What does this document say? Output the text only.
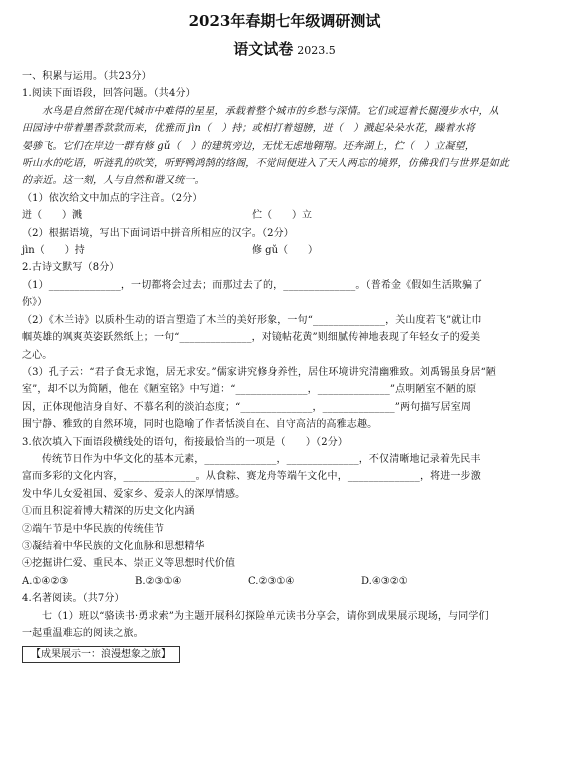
2023年春期七年级调研测试
语文试卷 2023.5
一、积累与运用。（共23分）
1.阅读下面语段，回答问题。（共4分）
水鸟是自然留在现代城市中难得的星星，承载着整个城市的乡愁与深情。它们或逗着长腿漫步水中，从
田园诗中带着墨香款款而来，优雅而 jìn（　）持；或相打着翅膀，迸（　）溅起朵朵水花，躁着水将
晏骖飞。它们在岸边一群有修 gǔ（　）的建筑旁边，无忧无虑地翱翔。还奔湖上，伫（　）立凝望，
听山水的吃语，听涟乳的吹笑，听野鸭鸿鹄的络阁，不觉间便进入了天人两忘的境界，仿佛我们与世界是如此
的亲近。这一刻，人与自然和谐又统一。
（1）依次给文中加点的字注音。（2分）
迸（　　）溅	伫（　　）立
（2）根据语境，写出下面词语中拼音所相应的汉字。（2分）
jìn（　　）持	修 gǔ（　　）
2.古诗文默写（8分）
（1）______________，一切都将会过去；而那过去了的，______________。（普希金《假如生活欺骗了
你》）
（2）《木兰诗》以质朴生动的语言塑造了木兰的美好形象，一句“______________，关山度若飞”就让巾
帼英雄的飒爽英姿跃然纸上；一句“______________，对镜帖花黄”则细腻传神地表现了年轻女子的爱美
之心。
（3）孔子云：“君子食无求饱，居无求安。”儒家讲究修身养性，居住环境讲究清幽雅致。刘禹锡虽身居“陋
室”，却不以为简陋，他在《陋室铭》中写道：“______________，______________”点明陋室不陋的原
因，正体现他洁身自好、不慕名利的淡泊态度；“______________，______________”两句描写居室周
围宁静、雅致的自然环境，同时也隐喻了作者恬淡自在、自守高洁的高雅志趣。
3.依次填入下面语段横线处的语句，衔接最恰当的一项是（　　）（2分）
传统节日作为中华文化的基本元素，______________，______________，不仅清晰地记录着先民丰
富而多彩的文化内容，______________。从食粽、赛龙舟等端午文化中，______________，将进一步激
发中华儿女爱祖国、爱家乡、爱亲人的深厚情感。
①而且积淀着博大精深的历史文化内涵
②端午节是中华民族的传统佳节
③凝结着中华民族的文化血脉和思想精华
④挖掘讲仁爱、重民本、崇正义等思想时代价值
A.①④②③	B.②③①④	C.②③①④	D.④③②①
4.名著阅读。（共7分）
七（1）班以“骆读书·勇求索”为主题开展科幻探险单元读书分享会，请你到成果展示现场，与同学们
一起重温难忘的阅读之旅。
【成果展示一：浪漫想象之旅】
